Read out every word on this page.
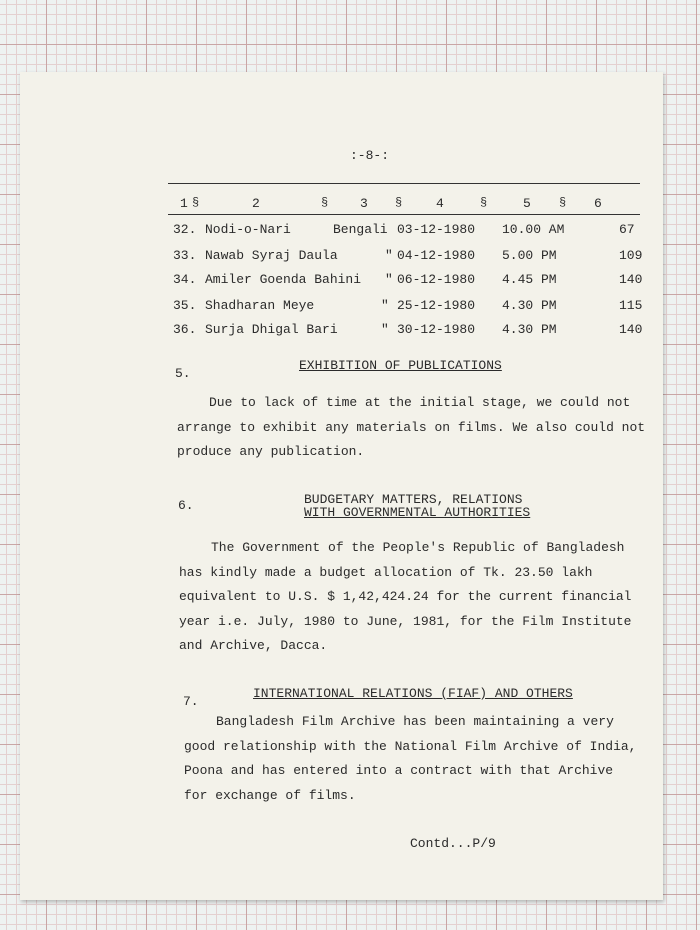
:-8-:
1 §	2	§ 3 §	4	§	5 § 6
32. Nodi-o-Nari	Bengali 03-12-1980 10.00 AM	67
33. Nawab Syraj Daula	" 04-12-1980 5.00 PM	109
34. Amiler Goenda Bahini " 06-12-1980 4.45 PM	140
35. Shadharan Meye	" 25-12-1980 4.30 PM	115
36. Surja Dhigal Bari	" 30-12-1980 4.30 PM	140
5.
EXHIBITION OF PUBLICATIONS
Due to lack of time at the initial stage, we could not
arrange to exhibit any materials on films. We also could not
produce any publication.
6.	BUDGETARY MATTERS, RELATIONS
WITH GOVERNMENTAL AUTHORITIES
The Government of the People's Republic of Bangladesh
has kindly made a budget allocation of Tk. 23.50 lakh
equivalent to U.S. $ 1,42,424.24 for the current financial
year i.e. July, 1980 to June, 1981, for the Film Institute
and Archive, Dacca.
7.
INTERNATIONAL RELATIONS (FIAF) AND OTHERS
Bangladesh Film Archive has been maintaining a very
good relationship with the National Film Archive of India,
Poona and has entered into a contract with that Archive
for exchange of films.
Contd...P/9
